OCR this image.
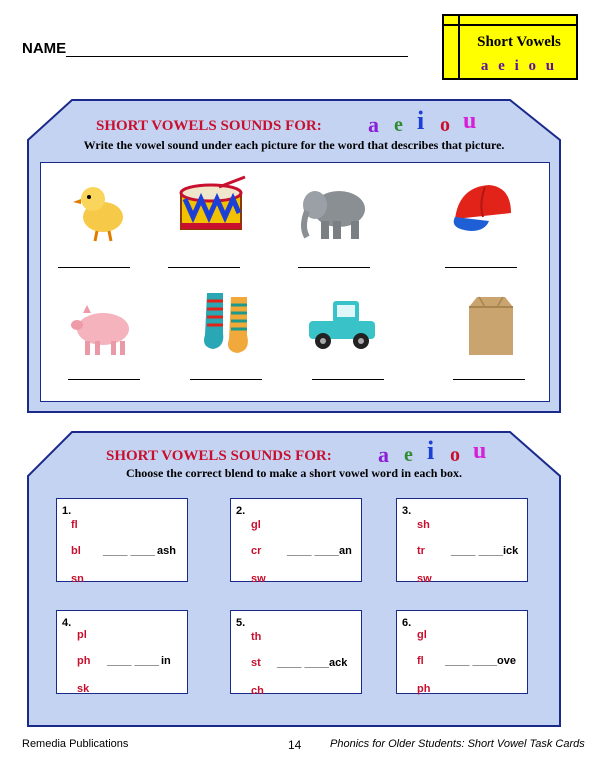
NAME	Short Vowels
a e i o u
SHORT VOWELS SOUNDS FOR: a e i o u
Write the vowel sound under each picture for the word that describes that picture.
SHORT VOWELS SOUNDS FOR: a e i o u
Choose the correct blend to make a short vowel word in each box.
1.
fl
bl
sn
____ ____ ash
2.
gl
cr
sw
____ ____ an
3.
sh
tr
sw
____ ____ ick
4.
pl
ph
sk
____ ____ in
5.
th
st
ch
____ ____ ack
6.
gl
fl
ph
____ ____ ove
Remedia Publications	14	Phonics for Older Students: Short Vowel Task Cards
